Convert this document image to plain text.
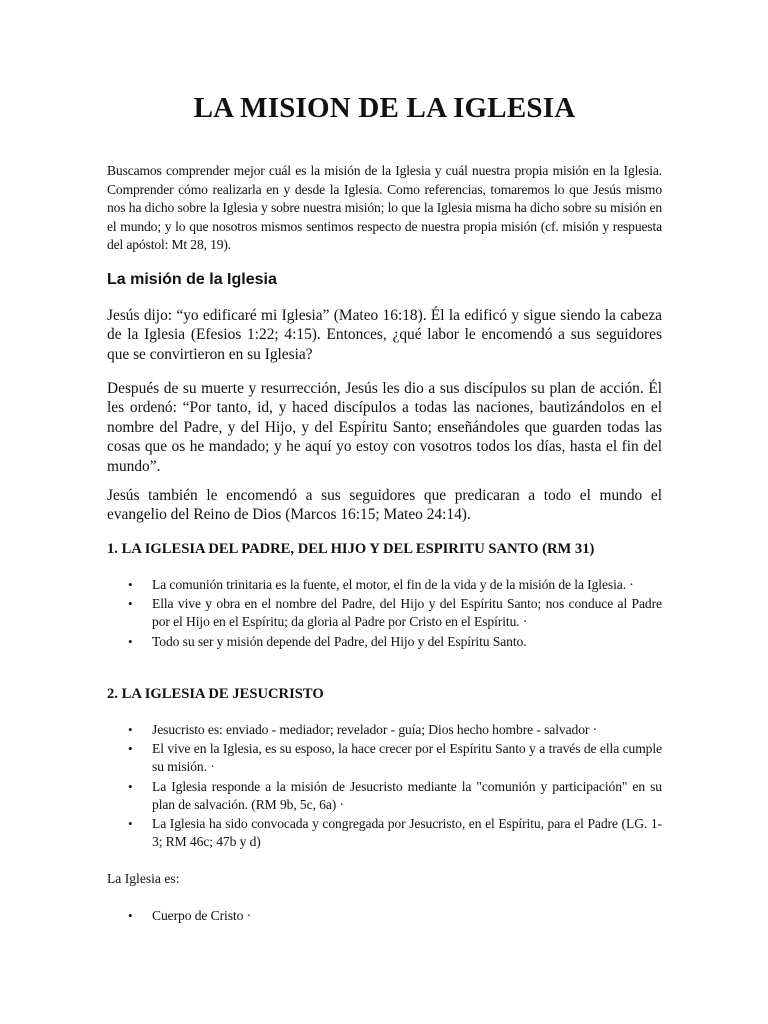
LA MISION DE LA IGLESIA

Buscamos comprender mejor cuál es la misión de la Iglesia y cuál nuestra propia misión en la Iglesia. Comprender cómo realizarla en y desde la Iglesia. Como referencias, tomaremos lo que Jesús mismo nos ha dicho sobre la Iglesia y sobre nuestra misión; lo que la Iglesia misma ha dicho sobre su misión en el mundo; y lo que nosotros mismos sentimos respecto de nuestra propia misión (cf. misión y respuesta del apóstol: Mt 28, 19).

La misión de la Iglesia

Jesús dijo: “yo edificaré mi Iglesia” (Mateo 16:18). Él la edificó y sigue siendo la cabeza de la Iglesia (Efesios 1:22; 4:15). Entonces, ¿qué labor le encomendó a sus seguidores que se convirtieron en su Iglesia?

Después de su muerte y resurrección, Jesús les dio a sus discípulos su plan de acción. Él les ordenó: “Por tanto, id, y haced discípulos a todas las naciones, bautizándolos en el nombre del Padre, y del Hijo, y del Espíritu Santo; enseñándoles que guarden todas las cosas que os he mandado; y he aquí yo estoy con vosotros todos los días, hasta el fin del mundo”.

Jesús también le encomendó a sus seguidores que predicaran a todo el mundo el evangelio del Reino de Dios (Marcos 16:15; Mateo 24:14).

1. LA IGLESIA DEL PADRE, DEL HIJO Y DEL ESPIRITU SANTO (RM 31)
• La comunión trinitaria es la fuente, el motor, el fin de la vida y de la misión de la Iglesia. ·
• Ella vive y obra en el nombre del Padre, del Hijo y del Espíritu Santo; nos conduce al Padre por el Hijo en el Espíritu; da gloria al Padre por Cristo en el Espíritu. ·
• Todo su ser y misión depende del Padre, del Hijo y del Espíritu Santo.
2. LA IGLESIA DE JESUCRISTO
• Jesucristo es: enviado - mediador; revelador - guía; Dios hecho hombre - salvador ·
• El vive en la Iglesia, es su esposo, la hace crecer por el Espíritu Santo y a través de ella cumple su misión. ·
• La Iglesia responde a la misión de Jesucristo mediante la "comunión y participación" en su plan de salvación. (RM 9b, 5c, 6a) ·
• La Iglesia ha sido convocada y congregada por Jesucristo, en el Espíritu, para el Padre (LG. 1- 3; RM 46c; 47b y d)

La Iglesia es:

• Cuerpo de Cristo ·
